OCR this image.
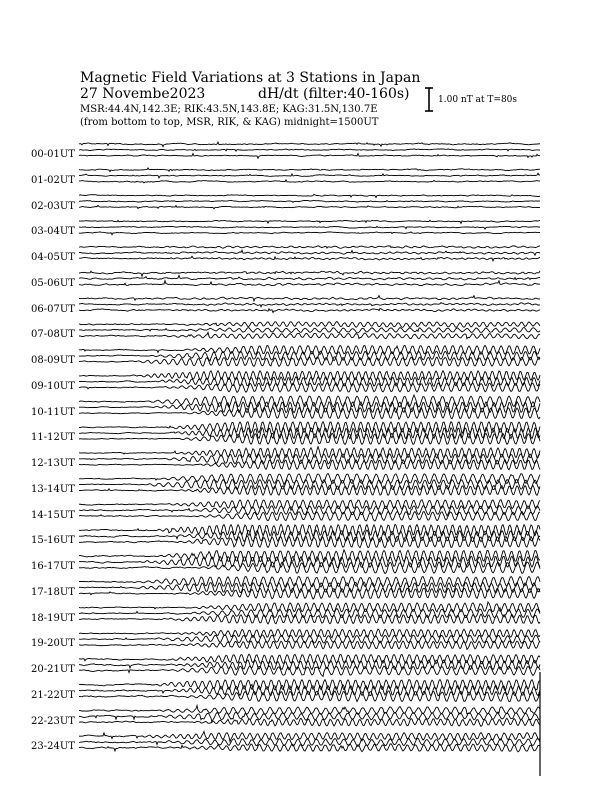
Magnetic Field Variations at 3 Stations in Japan
27 Novembe2023	dH/dt (filter:40-160s)
MSR:44.4N,142.3E; RIK:43.5N,143.8E; KAG:31.5N,130.7E
(from bottom to top, MSR, RIK, & KAG) midnight=1500UT
1.00 nT at T=80s
00-01UT
01-02UT
02-03UT
03-04UT
04-05UT
05-06UT
06-07UT
07-08UT
08-09UT
09-10UT
10-11UT
11-12UT
12-13UT
13-14UT
14-15UT
15-16UT
16-17UT
17-18UT
18-19UT
19-20UT
20-21UT
21-22UT
22-23UT
23-24UT
